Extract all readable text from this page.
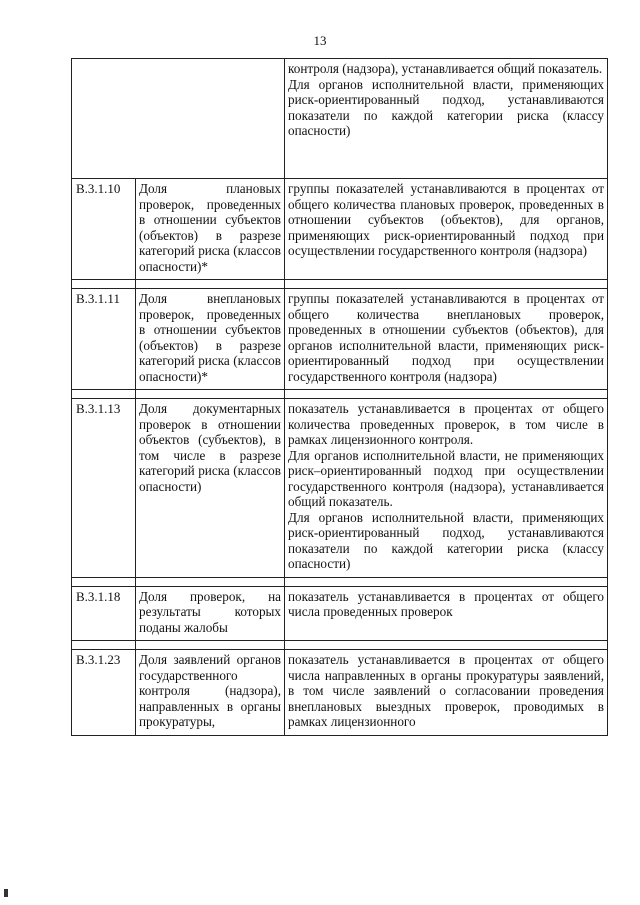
13

		контроля (надзора), устанавливается общий показатель.

Для органов исполнительной власти, применяющих риск-ориентированный подход, устанавливаются показатели по каждой категории риска (классу опасности)

В.3.1.10	Доля плановых проверок, проведенных в отношении субъектов (объектов) в разрезе категорий риска (классов опасности)*	группы показателей устанавливаются в процентах от общего количества плановых проверок, проведенных в отношении субъектов (объектов), для органов, применяющих риск-ориентированный подход при осуществлении государственного контроля (надзора)

В.3.1.11	Доля внеплановых проверок, проведенных в отношении субъектов (объектов) в разрезе категорий риска (классов опасности)*	группы показателей устанавливаются в процентах от общего количества внеплановых проверок, проведенных в отношении субъектов (объектов), для органов исполнительной власти, применяющих риск-ориентированный подход при осуществлении государственного контроля (надзора)

В.3.1.13	Доля документарных проверок в отношении объектов (субъектов), в том числе в разрезе категорий риска (классов опасности)	показатель устанавливается в процентах от общего количества проведенных проверок, в том числе в рамках лицензионного контроля.

Для органов исполнительной власти, не применяющих риск–ориентированный подход при осуществлении государственного контроля (надзора), устанавливается общий показатель.

Для органов исполнительной власти, применяющих риск-ориентированный подход, устанавливаются показатели по каждой категории риска (классу опасности)

В.3.1.18	Доля проверок, на результаты которых поданы жалобы	показатель устанавливается в процентах от общего числа проведенных проверок

В.3.1.23	Доля заявлений органов государственного контроля (надзора), направленных в органы прокуратуры,	показатель устанавливается в процентах от общего числа направленных в органы прокуратуры заявлений, в том числе заявлений о согласовании проведения внеплановых выездных проверок, проводимых в рамках лицензионного
